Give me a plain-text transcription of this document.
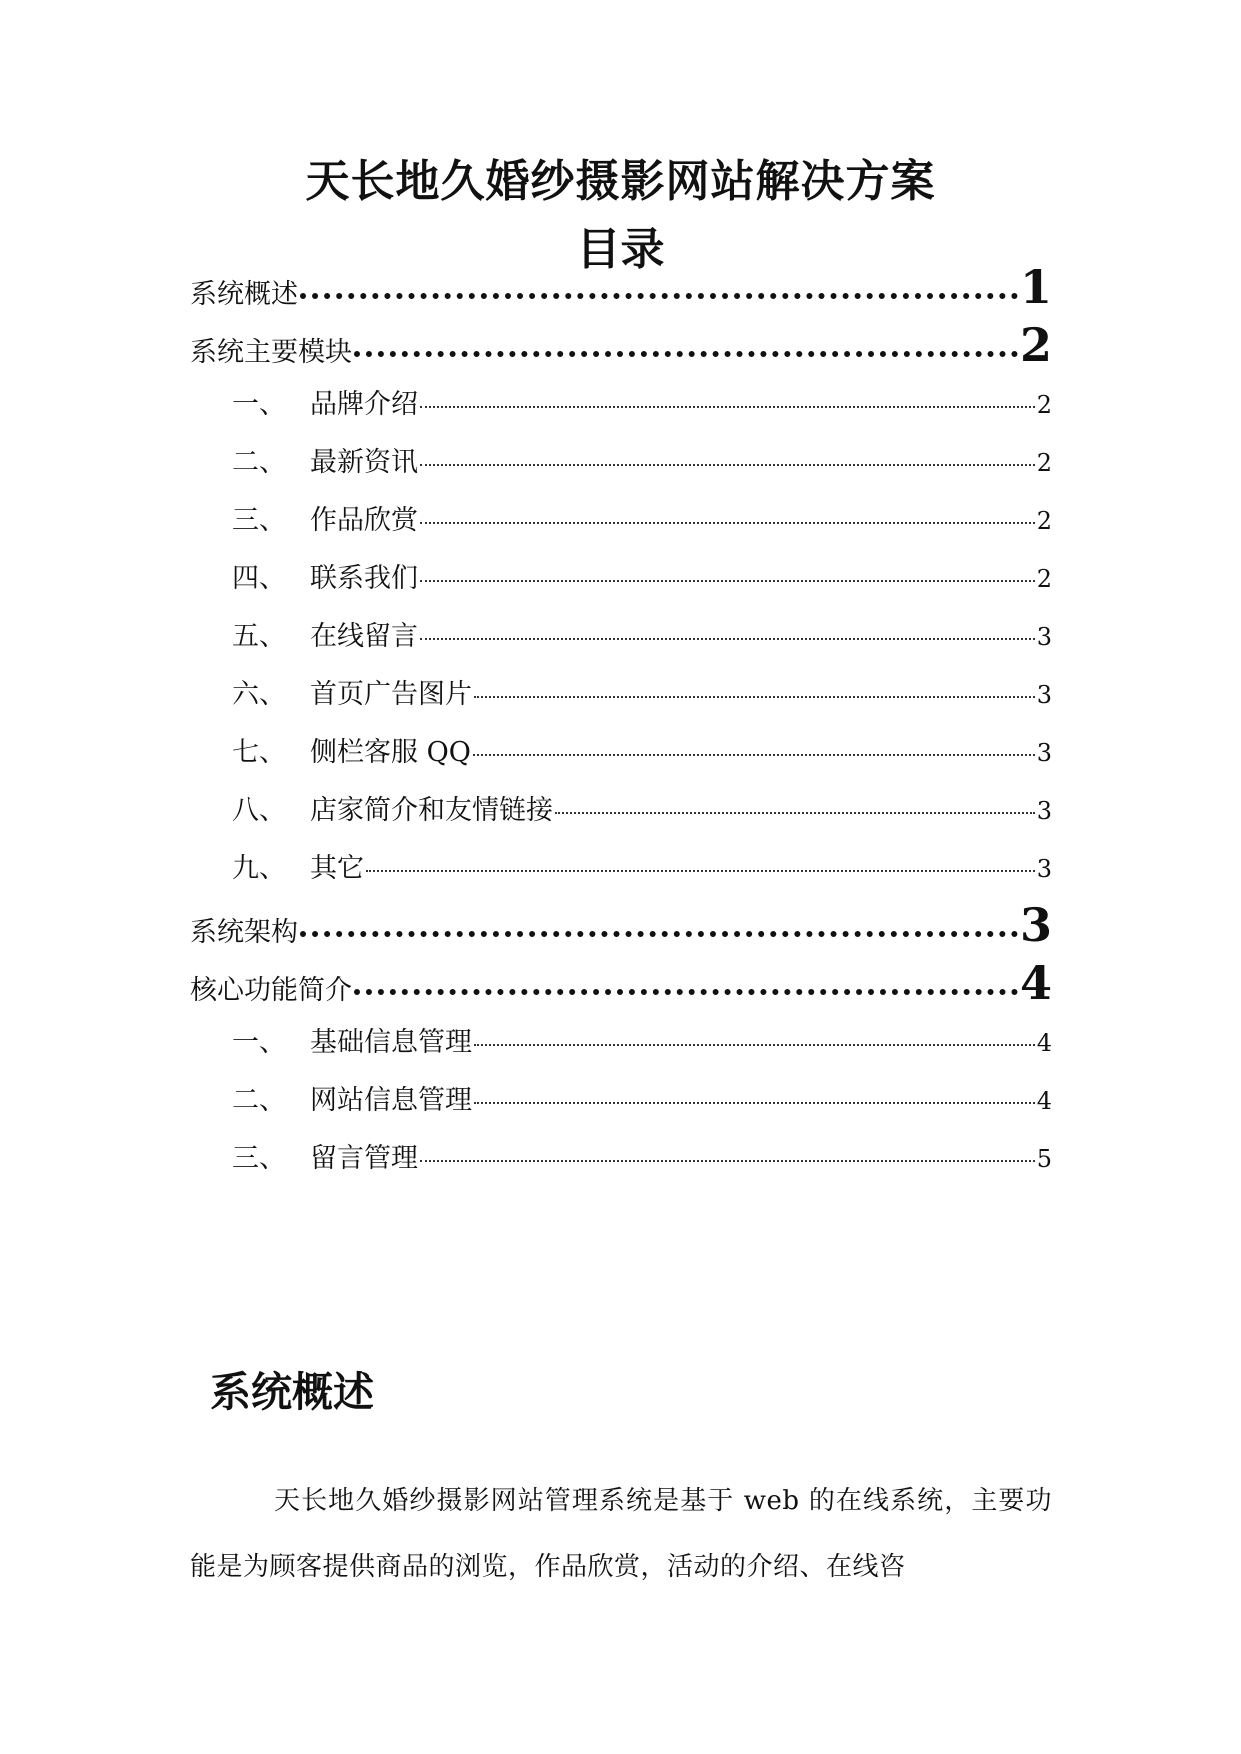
天长地久婚纱摄影网站解决方案
目录
系统概述	1
系统主要模块	2
一、 品牌介绍	2
二、 最新资讯	2
三、 作品欣赏	2
四、 联系我们	2
五、 在线留言	3
六、 首页广告图片	3
七、 侧栏客服 QQ	3
八、 店家简介和友情链接	3
九、 其它	3
系统架构	3
核心功能简介	4
一、 基础信息管理	4
二、 网站信息管理	4
三、 留言管理	5
系统概述
天长地久婚纱摄影网站管理系统是基于 web 的在线系统，主要功能是为顾客提供商品的浏览，作品欣赏，活动的介绍、在线咨
